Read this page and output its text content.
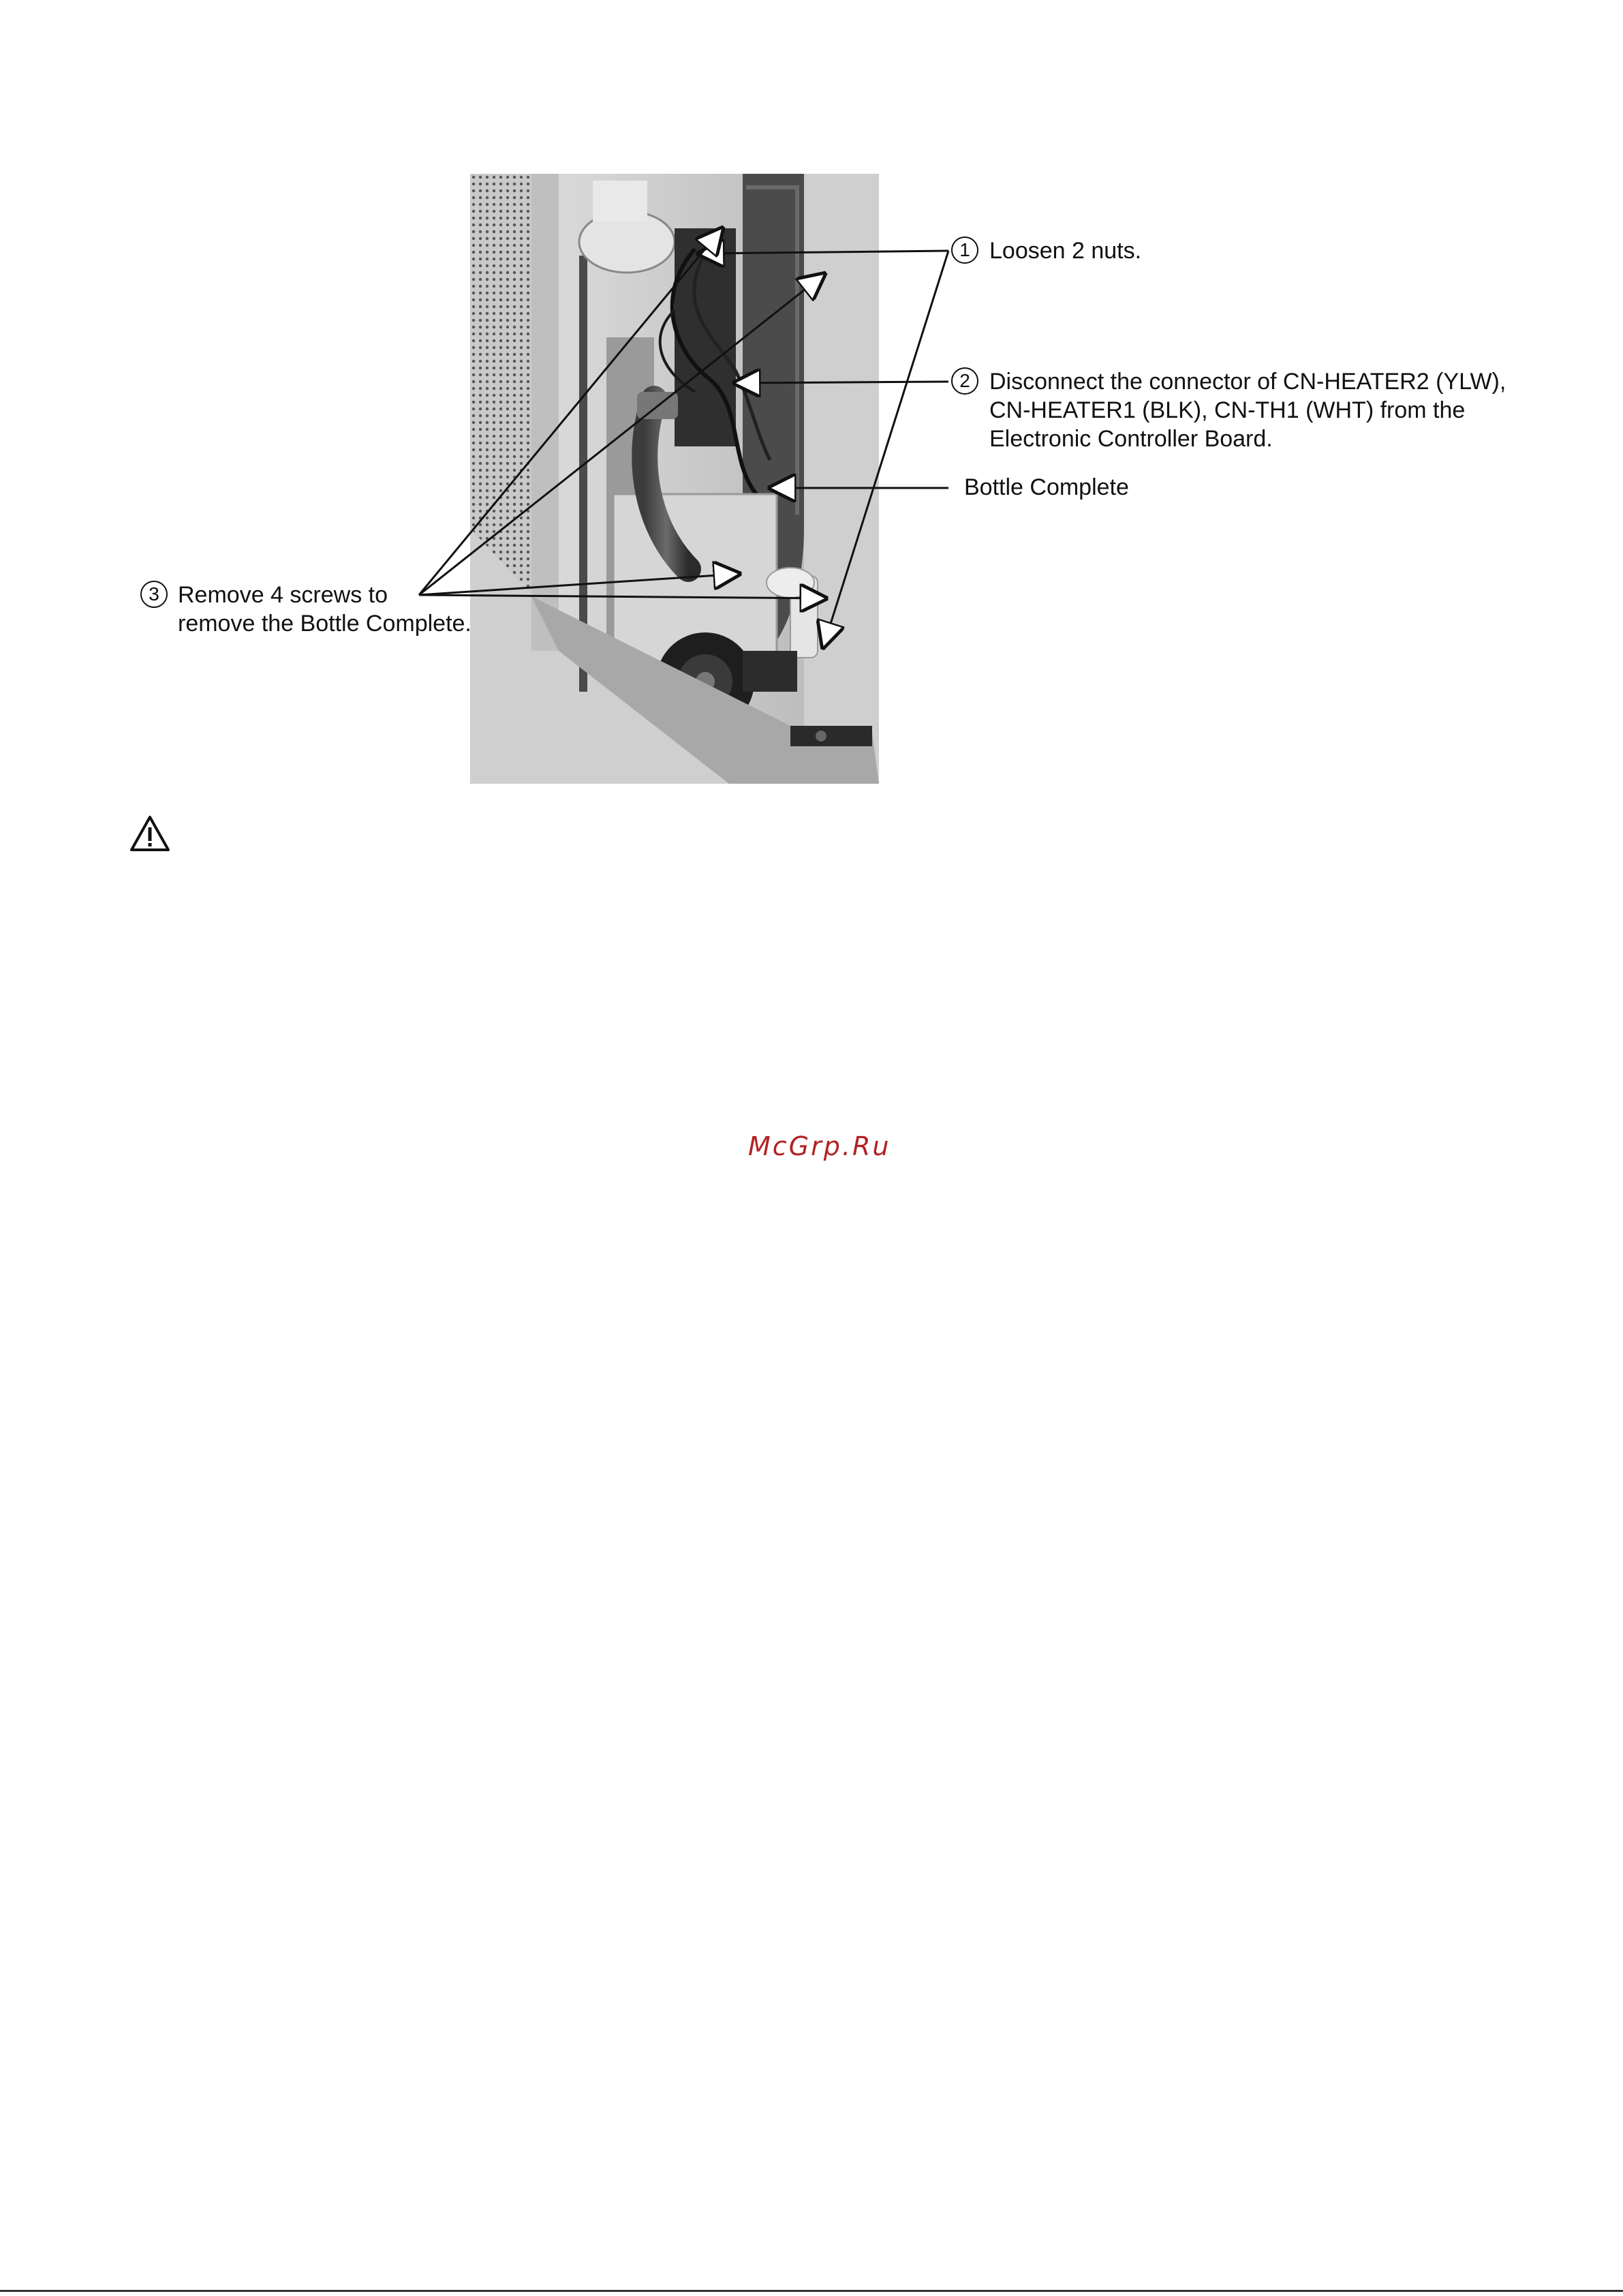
1 Loosen 2 nuts.
2 Disconnect the connector of CN-HEATER2 (YLW),
CN-HEATER1 (BLK), CN-TH1 (WHT) from the
Electronic Controller Board.
Bottle Complete
3 Remove 4 screws to
remove the Bottle Complete.
McGrp.Ru
